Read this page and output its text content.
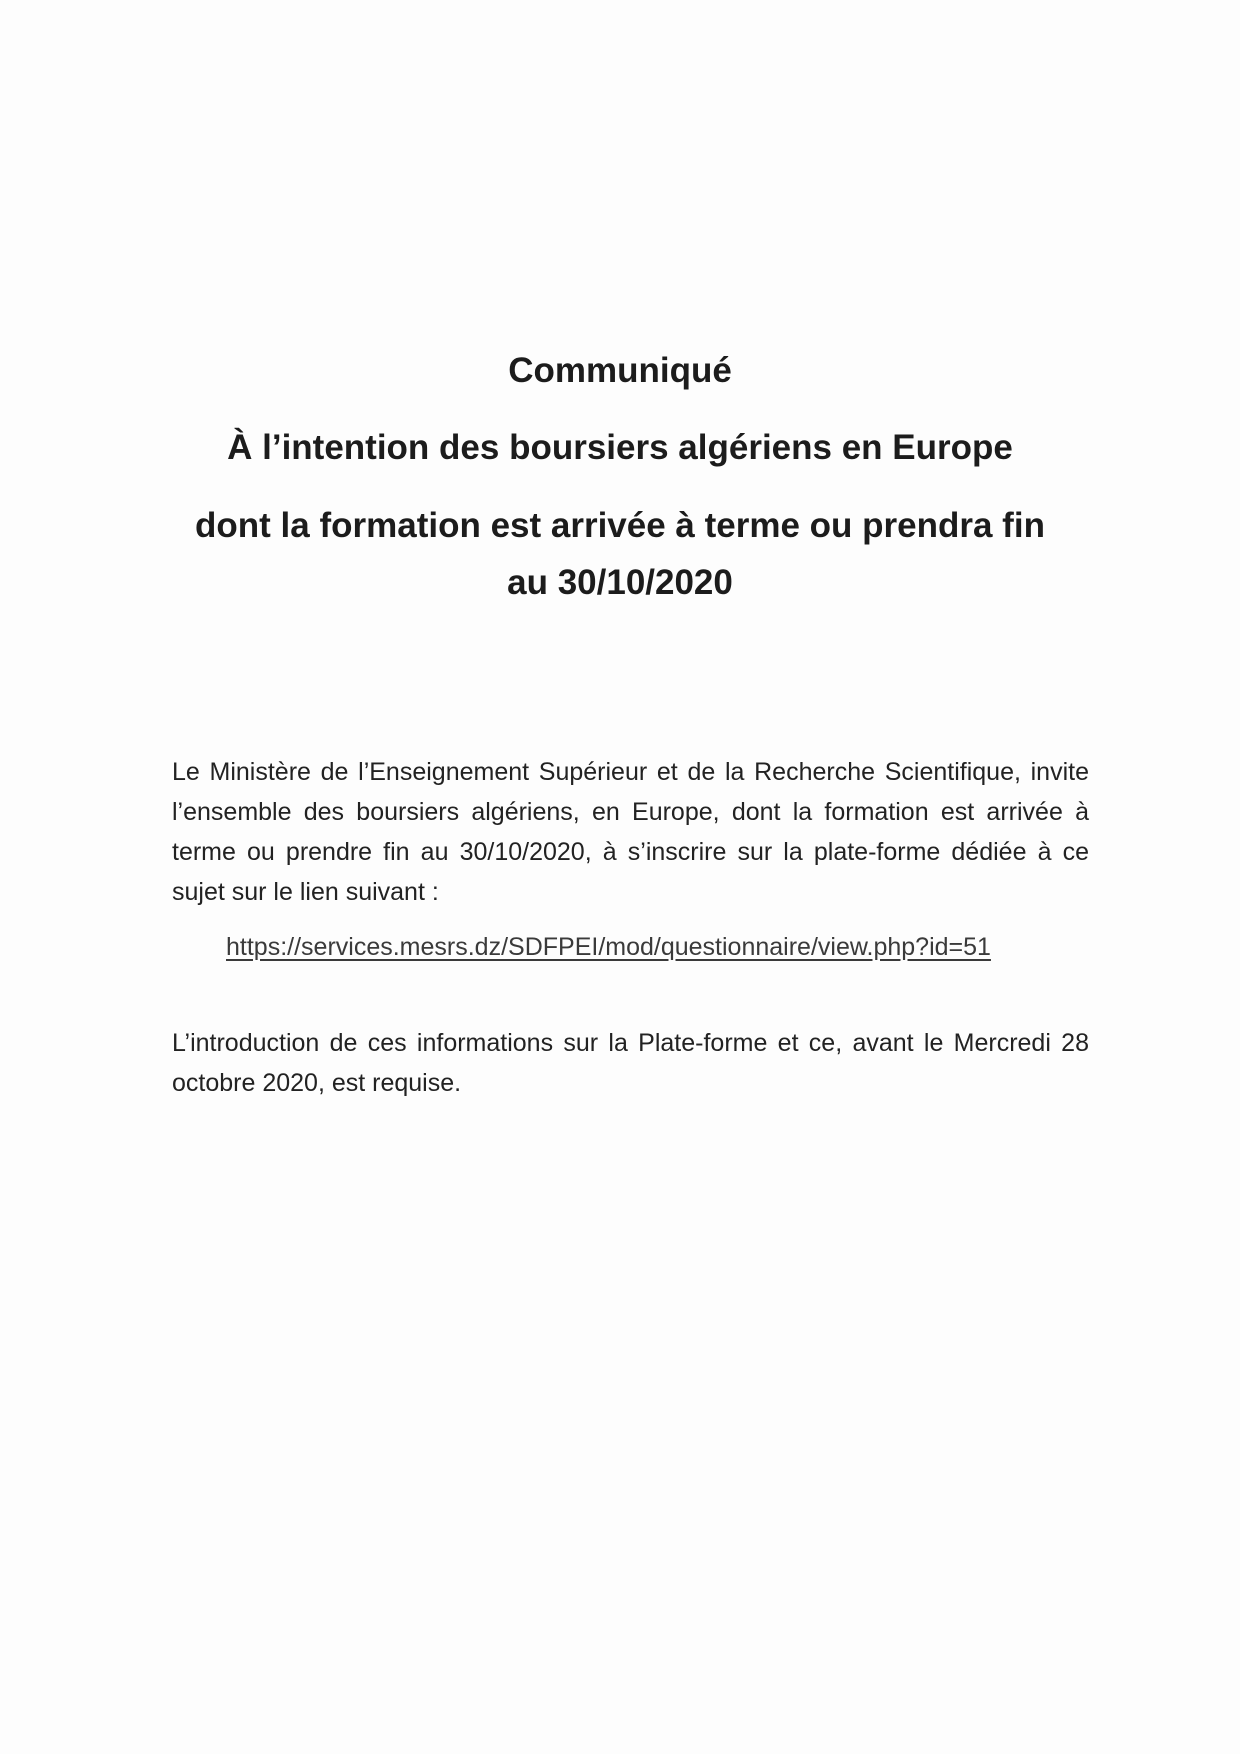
Communiqué
À l’intention des boursiers algériens en Europe
dont la formation est arrivée à terme ou prendra fin
au 30/10/2020

Le Ministère de l’Enseignement Supérieur et de la Recherche Scientifique, invite l’ensemble des boursiers algériens, en Europe, dont la formation est arrivée à terme ou prendre fin au 30/10/2020, à s’inscrire sur la plate-forme dédiée à ce sujet sur le lien suivant :

https://services.mesrs.dz/SDFPEI/mod/questionnaire/view.php?id=51

L’introduction de ces informations sur la Plate-forme et ce, avant le Mercredi 28 octobre 2020, est requise.
